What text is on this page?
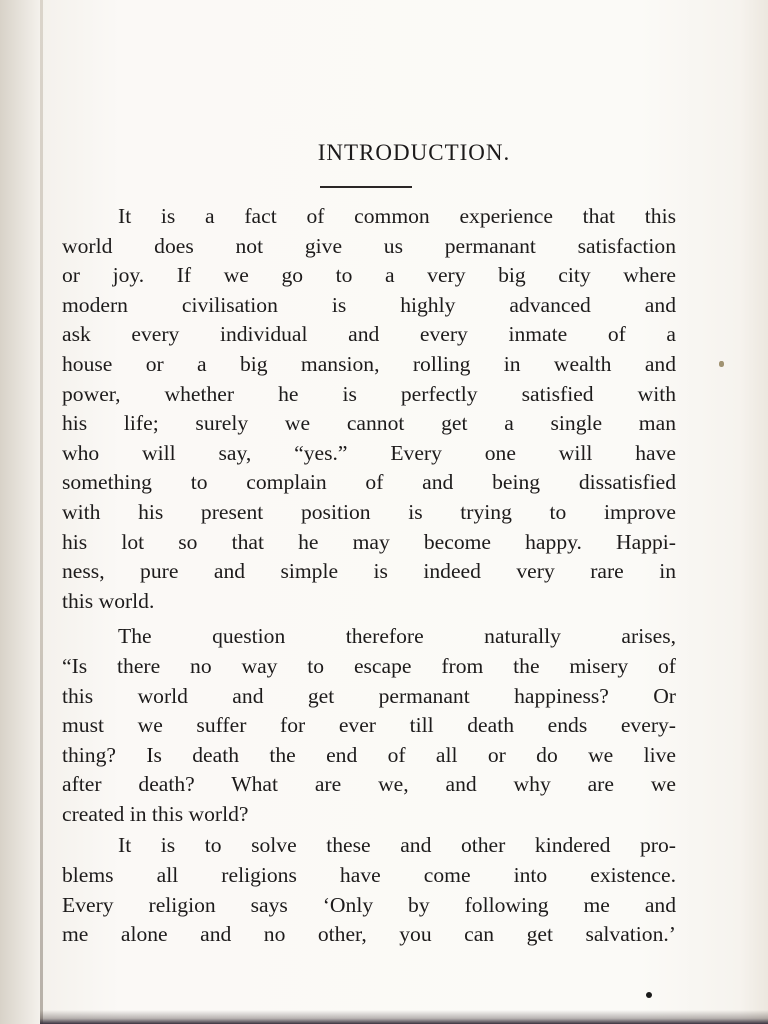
INTRODUCTION.
It is a fact of common experience that this
world does not give us permanant satisfaction
or joy. If we go to a very big city where
modern civilisation is highly advanced and
ask every individual and every inmate of a
house or a big mansion, rolling in wealth and
power, whether he is perfectly satisfied with
his life; surely we cannot get a single man
who will say, “yes.” Every one will have
something to complain of and being dissatisfied
with his present position is trying to improve
his lot so that he may become happy. Happi-
ness, pure and simple is indeed very rare in
this world.
The question therefore naturally arises,
“Is there no way to escape from the misery of
this world and get permanant happiness? Or
must we suffer for ever till death ends every-
thing? Is death the end of all or do we live
after death? What are we, and why are we
created in this world?
It is to solve these and other kindered pro-
blems all religions have come into existence.
Every religion says ‘Only by following me and
me alone and no other, you can get salvation.’
